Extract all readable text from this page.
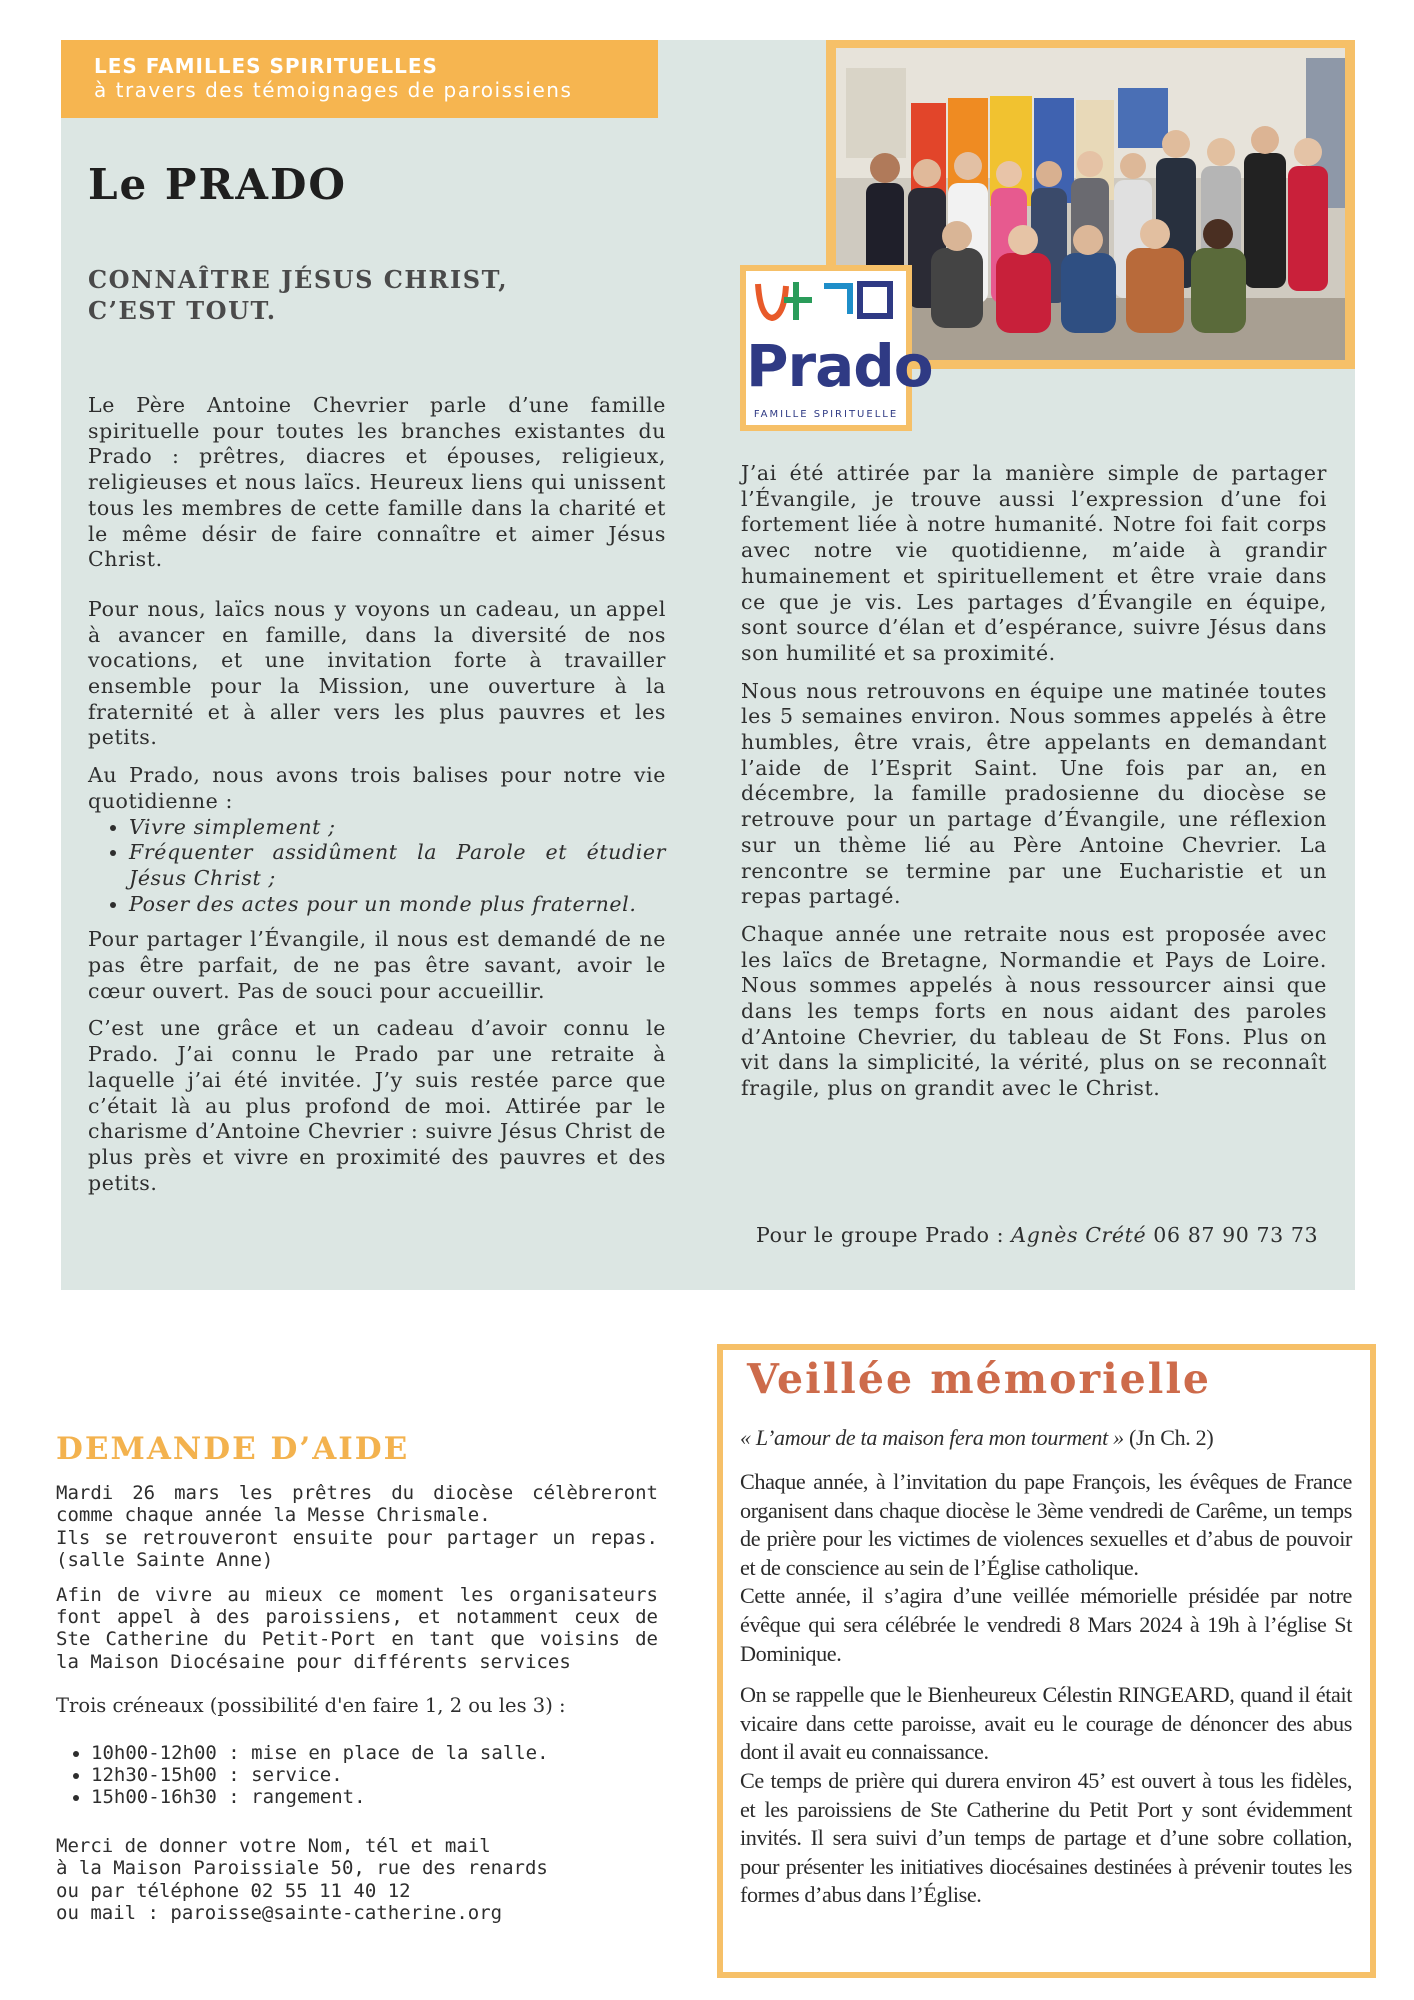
LES FAMILLES SPIRITUELLES
à travers des témoignages de paroissiens
Le PRADO
CONNAÎTRE JÉSUS CHRIST,
C’EST TOUT.
Prado
FAMILLE SPIRITUELLE

Le Père Antoine Chevrier parle d’une famille spirituelle pour toutes les branches existantes du Prado : prêtres, diacres et épouses, religieux, religieuses et nous laïcs. Heureux liens qui unissent tous les membres de cette famille dans la charité et le même désir de faire connaître et aimer Jésus Christ.

Pour nous, laïcs nous y voyons un cadeau, un appel à avancer en famille, dans la diversité de nos vocations, et une invitation forte à travailler ensemble pour la Mission, une ouverture à la fraternité et à aller vers les plus pauvres et les petits.

Au Prado, nous avons trois balises pour notre vie quotidienne :

• Vivre simplement ;
• Fréquenter assidûment la Parole et étudier Jésus Christ ;
• Poser des actes pour un monde plus fraternel.

Pour partager l’Évangile, il nous est demandé de ne pas être parfait, de ne pas être savant, avoir le cœur ouvert. Pas de souci pour accueillir.

C’est une grâce et un cadeau d’avoir connu le Prado. J’ai connu le Prado par une retraite à laquelle j’ai été invitée. J’y suis restée parce que c’était là au plus profond de moi. Attirée par le charisme d’Antoine Chevrier : suivre Jésus Christ de plus près et vivre en proximité des pauvres et des petits.

J’ai été attirée par la manière simple de partager l’Évangile, je trouve aussi l’expression d’une foi fortement liée à notre humanité. Notre foi fait corps avec notre vie quotidienne, m’aide à grandir humainement et spirituellement et être vraie dans ce que je vis. Les partages d’Évangile en équipe, sont source d’élan et d’espérance, suivre Jésus dans son humilité et sa proximité.

Nous nous retrouvons en équipe une matinée toutes les 5 semaines environ. Nous sommes appelés à être humbles, être vrais, être appelants en demandant l’aide de l’Esprit Saint. Une fois par an, en décembre, la famille pradosienne du diocèse se retrouve pour un partage d’Évangile, une réflexion sur un thème lié au Père Antoine Chevrier. La rencontre se termine par une Eucharistie et un repas partagé.

Chaque année une retraite nous est proposée avec les laïcs de Bretagne, Normandie et Pays de Loire. Nous sommes appelés à nous ressourcer ainsi que dans les temps forts en nous aidant des paroles d’Antoine Chevrier, du tableau de St Fons. Plus on vit dans la simplicité, la vérité, plus on se reconnaît fragile, plus on grandit avec le Christ.

Pour le groupe Prado : Agnès Crété 06 87 90 73 73
DEMANDE D’AIDE

Mardi 26 mars les prêtres du diocèse célèbreront comme chaque année la Messe Chrismale.

Ils se retrouveront ensuite pour partager un repas. (salle Sainte Anne)

Afin de vivre au mieux ce moment les organisateurs font appel à des paroissiens, et notamment ceux de Ste Catherine du Petit-Port en tant que voisins de la Maison Diocésaine pour différents services

Trois créneaux (possibilité d'en faire 1, 2 ou les 3) :

• 10h00-12h00 : mise en place de la salle.
• 12h30-15h00 : service.
• 15h00-16h30 : rangement.
Merci de donner votre Nom, tél et mail
à la Maison Paroissiale 50, rue des renards
ou par téléphone 02 55 11 40 12
ou mail : paroisse@sainte-catherine.org
Veillée mémorielle
« L’amour de ta maison fera mon tourment » (Jn Ch. 2)

Chaque année, à l’invitation du pape François, les évêques de France organisent dans chaque diocèse le 3ème vendredi de Carême, un temps de prière pour les victimes de violences sexuelles et d’abus de pouvoir et de conscience au sein de l’Église catholique.

Cette année, il s’agira d’une veillée mémorielle présidée par notre évêque qui sera célébrée le vendredi 8 Mars 2024 à 19h à l’église St Dominique.

On se rappelle que le Bienheureux Célestin RINGEARD, quand il était vicaire dans cette paroisse, avait eu le courage de dénoncer des abus dont il avait eu connaissance.

Ce temps de prière qui durera environ 45’ est ouvert à tous les fidèles, et les paroissiens de Ste Catherine du Petit Port y sont évidemment invités. Il sera suivi d’un temps de partage et d’une sobre collation, pour présenter les initiatives diocésaines destinées à prévenir toutes les formes d’abus dans l’Église.
